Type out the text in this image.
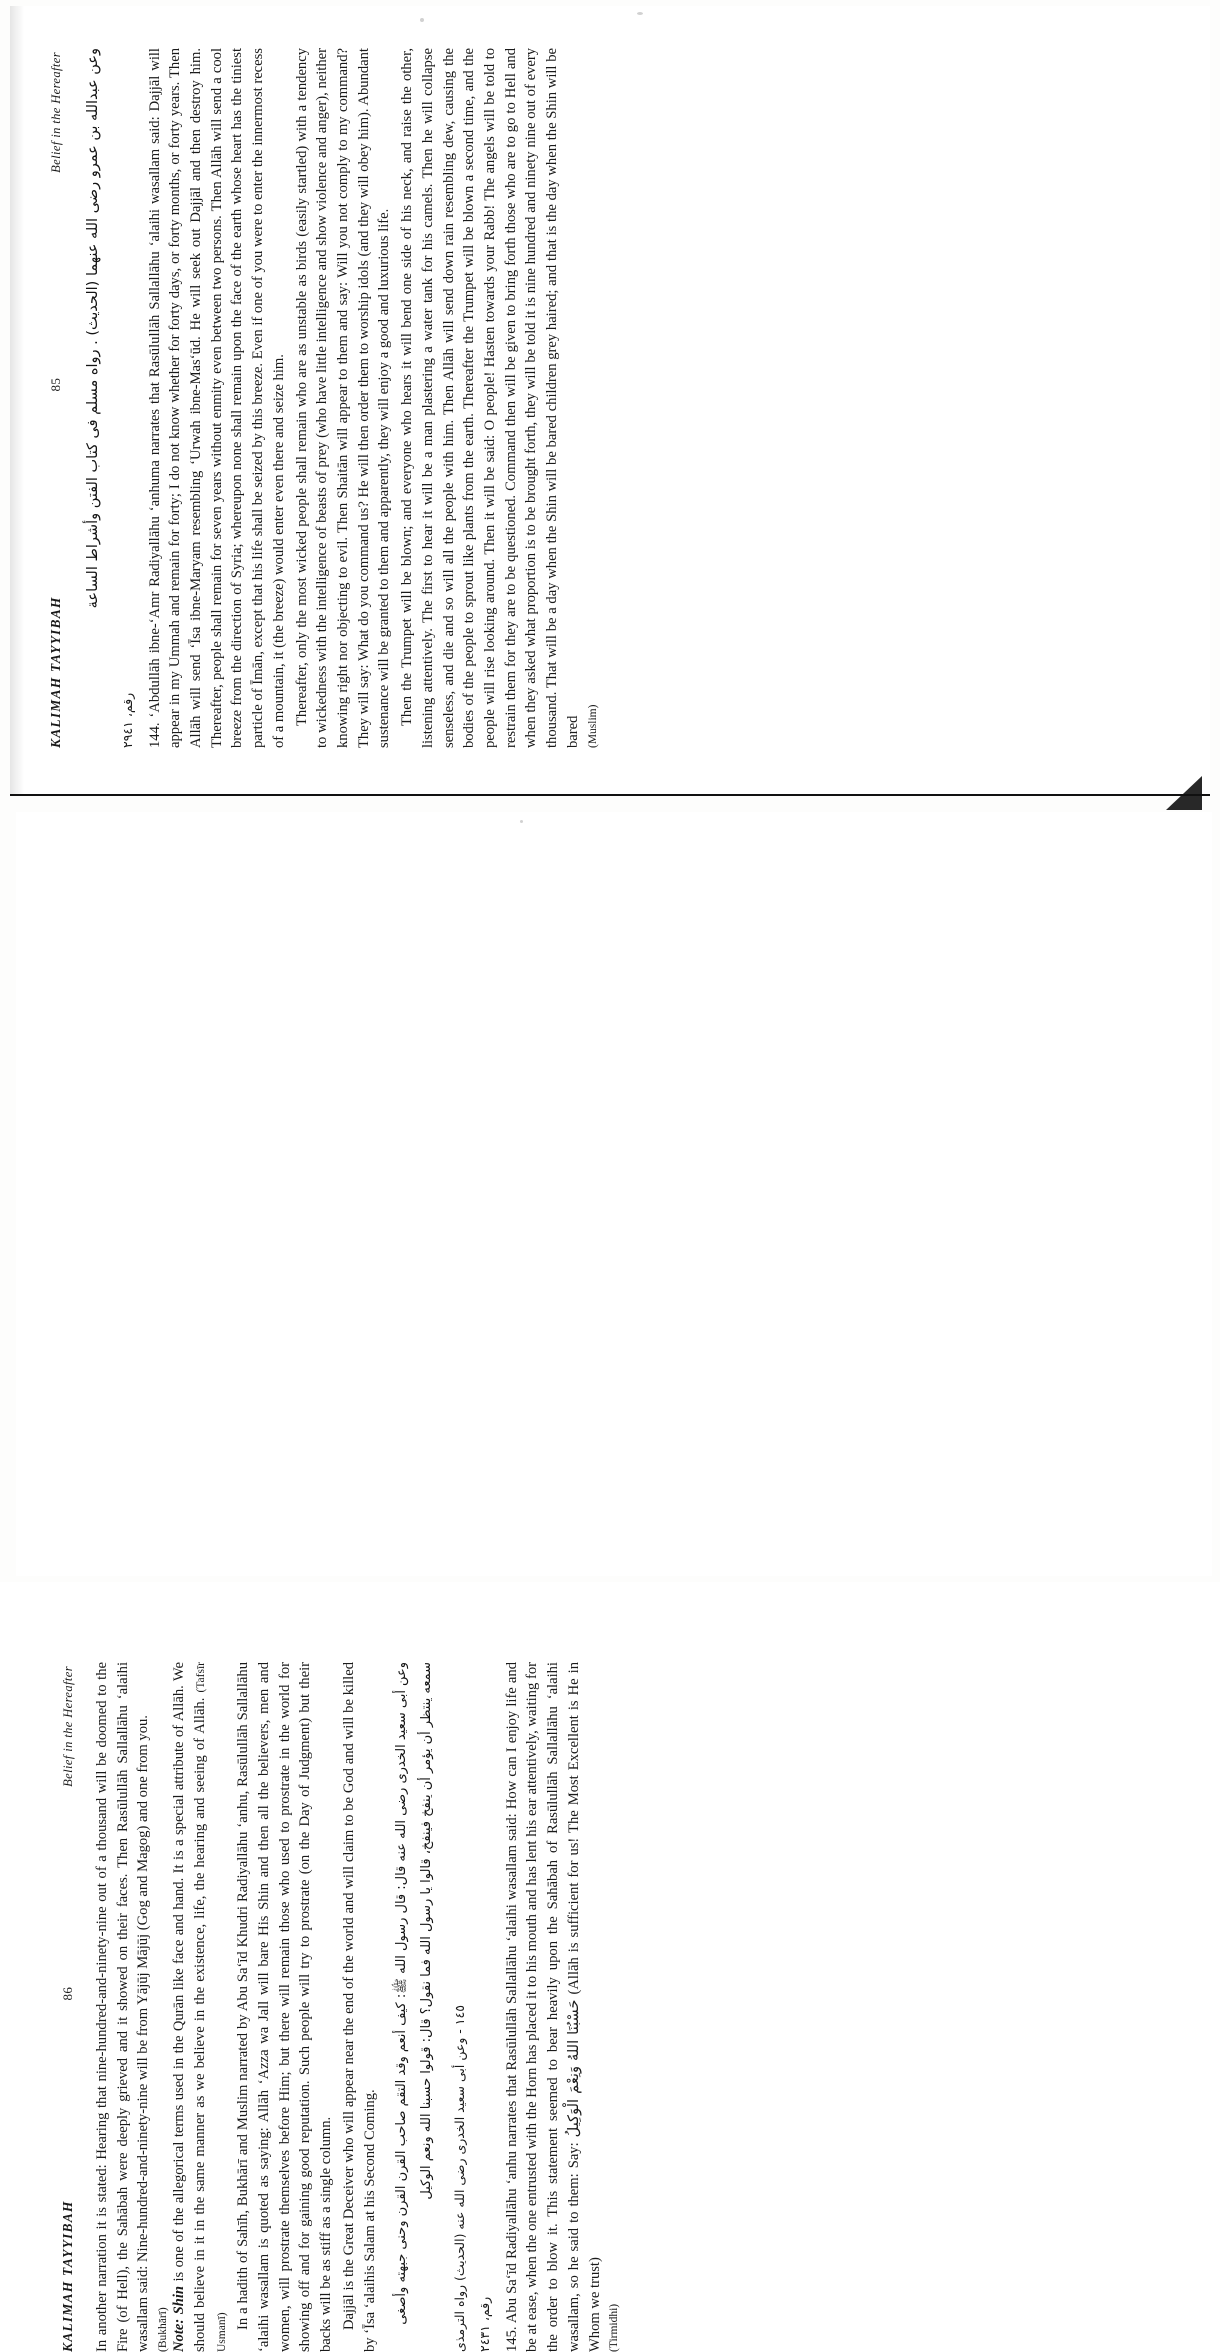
KALIMAH TAYYIBAH
85
Belief in the Hereafter	وعن عبدالله بن عمرو رضى الله عنهما (الحديث) . رواه مسلم فى كتاب الفتن وأشراط الساعة
رقم، ٢٩٤١ 144. ‘Abdullāh ibne-‘Amr Radiyallāhu ‘anhuma narrates that Rasūlullāh Sallallāhu ‘alaihi wasallam said: Dajjāl will appear in my Ummah and remain for forty; I do not know whether for forty days, or forty months, or forty years. Then Allāh will send ‘Īsa ibne-Maryam resembling ‘Urwah ibne-Mas‘ūd. He will seek out Dajjāl and then destroy him. Thereafter, people shall remain for seven years without enmity even between two persons. Then Allāh will send a cool breeze from the direction of Syria; whereupon none shall remain upon the face of the earth whose heart has the tiniest particle of Īmān, except that his life shall be seized by this breeze. Even if one of you were to enter the innermost recess of a mountain, it (the breeze) would enter even there and seize him. Thereafter, only the most wicked people shall remain who are as unstable as birds (easily startled) with a tendency to wickedness with the intelligence of beasts of prey (who have little intelligence and show violence and anger), neither knowing right nor objecting to evil. Then Shaitān will appear to them and say: Will you not comply to my command? They will say: What do you command us? He will then order them to worship idols (and they will obey him). Abundant sustenance will be granted to them and apparently, they will enjoy a good and luxurious life. Then the Trumpet will be blown; and everyone who hears it will bend one side of his neck, and raise the other, listening attentively. The first to hear it will be a man plastering a water tank for his camels. Then he will collapse senseless, and die and so will all the people with him. Then Allāh will send down rain resembling dew, causing the bodies of the people to sprout like plants from the earth. Thereafter the Trumpet will be blown a second time, and the people will rise looking around. Then it will be said: O people! Hasten towards your Rabb! The angels will be told to restrain them for they are to be questioned. Command then will be given to bring forth those who are to go to Hell and when they asked what proportion is to be brought forth, they will be told it is nine hundred and ninety nine out of every thousand. That will be a day when the Shin will be bared children grey haired; and that is the day when the Shin will be bared (Muslim)
KALIMAH TAYYIBAH
86
Belief in the Hereafter In another narration it is stated: Hearing that nine-hundred-and-ninety-nine out of a thousand will be doomed to the Fire (of Hell), the Sahābah were deeply grieved and it showed on their faces. Then Rasūlullāh Sallallāhu ‘alaihi wasallam said: Nine-hundred-and-ninety-nine will be from Yājūj Mājūj (Gog and Magog) and one from you. (Bukhārī) Note: Shin is one of the allegorical terms used in the Qurān like face and hand. It is a special attribute of Allāh. We should believe in it in the same manner as we believe in the existence, life, the hearing and seeing of Allāh. (Tafsīr Usmanī)

In a hadith of Sahīh, Bukhārī and Muslim narrated by Abu Sa‘īd Khudri Radiyallāhu ‘anhu, Rasūlullāh Sallallāhu ‘alaihi wasallam is quoted as saying: Allāh ‘Azza wa Jall will bare His Shin and then all the believers, men and women, will prostrate themselves before Him; but there will remain those who used to prostrate in the world for showing off and for gaining good reputation. Such people will try to prostrate (on the Day of Judgment) but their backs will be as stiff as a single column. Dajjāl is the Great Deceiver who will appear near the end of the world and will claim to be God and will be killed by ‘Īsa ‘alaihis Salam at his Second Coming.	وعن أبى سعيد الخدرى رضى الله عنه قال: قال رسول الله ﷺ: كيف أنعم وقد التقم صاحب القرن القرن وحنى جبهته وأصغى سمعه ينتظر أن يؤمر أن ينفخ فينفخ، قالوا يا رسول الله فما نقول؟ قال: قولوا حسبنا الله ونعم الوكيل	١٤٥ - وعن أبى سعيد الخدرى رضى الله عنه (الحديث) رواه الترمذى
رقم، ٢٤٣١ 145. Abu Sa‘īd Radiyallāhu ‘anhu narrates that Rasūlullāh Sallallāhu ‘alaihi wasallam said: How can I enjoy life and be at ease, when the one entrusted with the Horn has placed it to his mouth and has lent his ear attentively, waiting for the order to blow it. This statement seemed to bear heavily upon the Sahābah of Rasūlullāh Sallallāhu ‘alaihi wasallam, so he said to them: Say: حَسْبُنَا اللهُ وَنِعْمَ الْوَكِيلُ (Allāh is sufficient for us! The Most Excellent is He in Whom we trust) (Tirmidhi)
